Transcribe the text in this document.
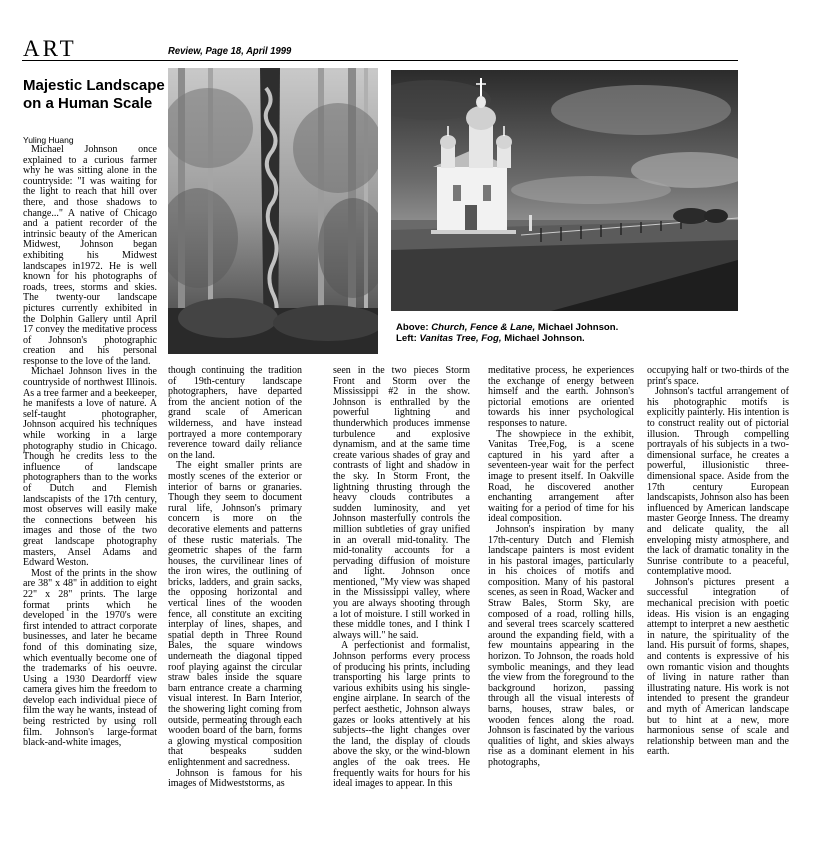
ART	Review, Page 18, April 1999
Majestic Landscape on a Human Scale
Yuling Huang
Above: Church, Fence & Lane, Michael Johnson.
Left: Vanitas Tree, Fog, Michael Johnson.

Michael Johnson once explained to a curious farmer why he was sitting alone in the countryside: "I was waiting for the light to reach that hill over there, and those shadows to change..." A native of Chicago and a patient recorder of the intrinsic beauty of the American Midwest, Johnson began exhibiting his Midwest landscapes in1972. He is well known for his photographs of roads, trees, storms and skies. The twenty-our landscape pictures currently exhibited in the Dolphin Gallery until April 17 convey the meditative process of Johnson's photographic creation and his personal response to the love of the land.

Michael Johnson lives in the countryside of northwest Illinois. As a tree farmer and a beekeeper, he manifests a love of nature. A self-taught photographer, Johnson acquired his techniques while working in a large photography studio in Chicago. Though he credits less to the influence of landscape photographers than to the works of Dutch and Flemish landscapists of the 17th century, most observes will easily make the connections between his images and those of the two great landscape photography masters, Ansel Adams and Edward Weston.

Most of the prints in the show are 38" x 48" in addition to eight 22" x 28" prints. The large format prints which he developed in the 1970's were first intended to attract corporate businesses, and later he became fond of this dominating size, which eventually become one of the trademarks of his oeuvre. Using a 1930 Deardorff view camera gives him the freedom to develop each individual piece of film the way he wants, instead of being restricted by using roll film. Johnson's large-format black-and-white images,

though continuing the tradition of 19th-century landscape photographers, have departed from the ancient notion of the grand scale of American wilderness, and have instead portrayed a more contemporary reverence toward daily reliance on the land.

The eight smaller prints are mostly scenes of the exterior or interior of barns or granaries. Though they seem to document rural life, Johnson's primary concern is more on the decorative elements and patterns of these rustic materials. The geometric shapes of the farm houses, the curvilinear lines of the iron wires, the outlining of bricks, ladders, and grain sacks, the opposing horizontal and vertical lines of the wooden fence, all constitute an exciting interplay of lines, shapes, and spatial depth in Three Round Bales, the square windows underneath the diagonal tipped roof playing against the circular straw bales inside the square barn entrance create a charming visual interest. In Barn Interior, the showering light coming from outside, permeating through each wooden board of the barn, forms a glowing mystical composition that bespeaks sudden enlightenment and sacredness.

Johnson is famous for his images of Midweststorms, as

seen in the two pieces Storm Front and Storm over the Mississippi #2 in the show. Johnson is enthralled by the powerful lightning and thunderwhich produces immense turbulence and explosive dynamism, and at the same time create various shades of gray and contrasts of light and shadow in the sky. In Storm Front, the lightning thrusting through the heavy clouds contributes a sudden luminosity, and yet Johnson masterfully controls the million subtleties of gray unified in an overall mid-tonality. The mid-tonality accounts for a pervading diffusion of moisture and light. Johnson once mentioned, "My view was shaped in the Mississippi valley, where you are always shooting through a lot of moisture. I still worked in these middle tones, and I think I always will." he said.

A perfectionist and formalist, Johnson performs every process of producing his prints, including transporting his large prints to various exhibits using his single-engine airplane. In search of the perfect aesthetic, Johnson always gazes or looks attentively at his subjects--the light changes over the land, the display of clouds above the sky, or the wind-blown angles of the oak trees. He frequently waits for hours for his ideal images to appear. In this

meditative process, he experiences the exchange of energy between himself and the earth. Johnson's pictorial emotions are oriented towards his inner psychological responses to nature.

The showpiece in the exhibit, Vanitas Tree,Fog, is a scene captured in his yard after a seventeen-year wait for the perfect image to present itself. In Oakville Road, he discovered another enchanting arrangement after waiting for a period of time for his ideal composition.

Johnson's inspiration by many 17th-century Dutch and Flemish landscape painters is most evident in his pastoral images, particularly in his choices of motifs and composition. Many of his pastoral scenes, as seen in Road, Wacker and Straw Bales, Storm Sky, are composed of a road, rolling hills, and several trees scarcely scattered around the expanding field, with a few mountains appearing in the horizon. To Johnson, the roads hold symbolic meanings, and they lead the view from the foreground to the background horizon, passing through all the visual interests of barns, houses, straw bales, or wooden fences along the road. Johnson is fascinated by the various qualities of light, and skies always rise as a dominant element in his photographs,

occupying half or two-thirds of the print's space.

Johnson's tactful arrangement of his photographic motifs is explicitly painterly. His intention is to construct reality out of pictorial illusion. Through compelling portrayals of his subjects in a two-dimensional surface, he creates a powerful, illusionistic three-dimensional space. Aside from the 17th century European landscapists, Johnson also has been influenced by American landscape master George Inness. The dreamy and delicate quality, the all enveloping misty atmosphere, and the lack of dramatic tonality in the Sunrise contribute to a peaceful, contemplative mood.

Johnson's pictures present a successful integration of mechanical precision with poetic ideas. His vision is an engaging attempt to interpret a new aesthetic in nature, the spirituality of the land. His pursuit of forms, shapes, and contents is expressive of his own romantic vision and thoughts of living in nature rather than illustrating nature. His work is not intended to present the grandeur and myth of American landscape but to hint at a new, more harmonious sense of scale and relationship between man and the earth.
